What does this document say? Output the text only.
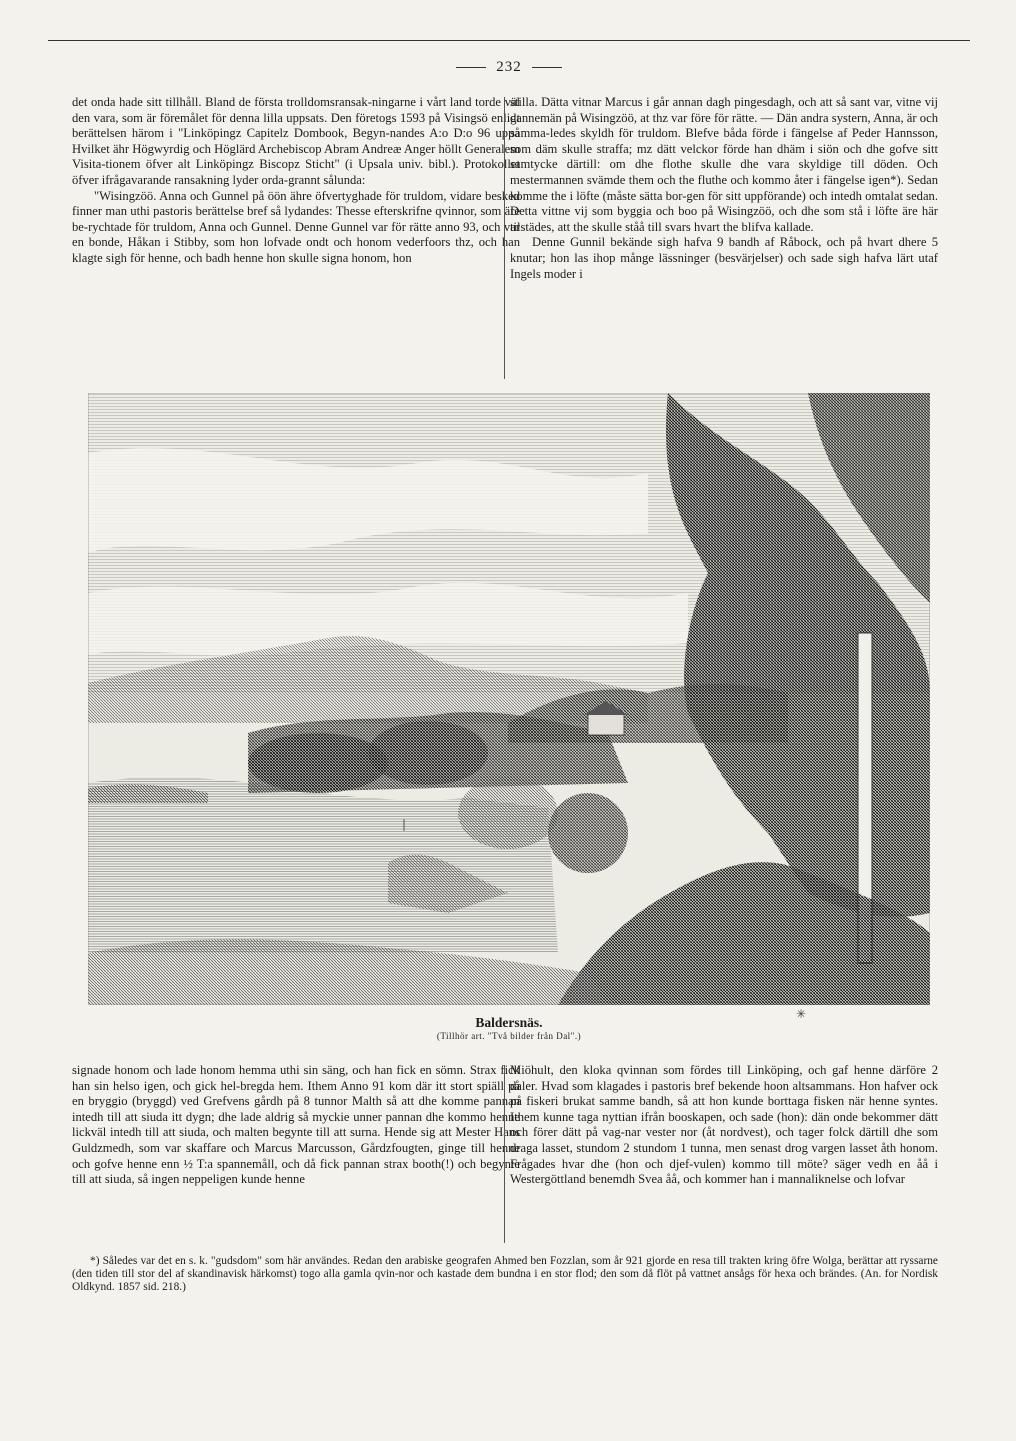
232

det onda hade sitt tillhåll. Bland de första trolldomsransak-ningarne i vårt land torde väl den vara, som är föremålet för denna lilla uppsats. Den företogs 1593 på Visingsö enligt berättelsen härom i "Linköpingz Capitelz Dombook, Begyn-nandes A:o D:o 96 uppå Hvilket ähr Högwyrdig och Höglärd Archebiscop Abram Andreæ Anger höllt Generalem Visita-tionem öfver alt Linköpingz Biscopz Sticht" (i Upsala univ. bibl.). Protokollet öfver ifrågavarande ransakning lyder orda-grannt sålunda:

"Wisingzöö. Anna och Gunnel på öön ähre öfvertyghade för truldom, vidare besked finner man uthi pastoris berättelse bref så lydandes: Thesse efterskrifne qvinnor, som äre be-rychtade för truldom, Anna och Gunnel. Denne Gunnel var för rätte anno 93, och var en bonde, Håkan i Stibby, som hon lofvade ondt och honom vederfoors thz, och han klagte sigh för henne, och badh henne hon skulle signa honom, hon

stilla. Dätta vitnar Marcus i går annan dagh pingesdagh, och att så sant var, vitne vij dannemän på Wisingzöö, at thz var före för rätte. — Dän andra systern, Anna, är och samma-ledes skyldh för truldom. Blefve båda förde i fängelse af Peder Hannsson, som däm skulle straffa; mz dätt velckor förde han dhäm i siön och dhe gofve sitt samtycke därtill: om dhe flothe skulle dhe vara skyldige till döden. Och mestermannen svämde them och the fluthe och kommo åter i fängelse igen*). Sedan komme the i löfte (måste sätta bor-gen för sitt uppförande) och intedh omtalat sedan. Detta vittne vij som byggia och boo på Wisingzöö, och dhe som stå i löfte äre här tilstädes, att the skulle ståå till svars hvart the blifva kallade.

Denne Gunnil bekände sigh hafva 9 bandh af Råbock, och på hvart dhere 5 knutar; hon las ihop månge lässninger (besvärjelser) och sade sigh hafva lärt utaf Ingels moder i

Baldersnäs.
(Tillhör art. "Två bilder från Dal".)
✳

signade honom och lade honom hemma uthi sin säng, och han fick en sömn. Strax fick han sin helso igen, och gick hel-bregda hem. Ithem Anno 91 kom där itt stort spiäll på en bryggio (bryggd) ved Grefvens gårdh på 8 tunnor Malth så att dhe komme pannan intedh till att siuda itt dygn; dhe lade aldrig så myckie unner pannan dhe kommo henne lickväl intedh till att siuda, och malten begynte till att surna. Hende sig att Mester Hans Guldzmedh, som var skaffare och Marcus Marcusson, Gårdzfougten, ginge till henne och gofve henne enn ½ T:a spannemåll, och då fick pannan strax booth(!) och begynte till att siuda, så ingen neppeligen kunde henne

Miöhult, den kloka qvinnan som fördes till Linköping, och gaf henne därföre 2 daler. Hvad som klagades i pastoris bref bekende hoon altsammans. Hon hafver ock på fiskeri brukat samme bandh, så att hon kunde borttaga fisken när henne syntes. Ithem kunne taga nyttian ifrån booskapen, och sade (hon): dän onde bekommer dätt och förer dätt på vag-nar vester nor (åt nordvest), och tager folck därtill dhe som draga lasset, stundom 2 stundom 1 tunna, men senast drog vargen lasset åth honom. Frågades hvar dhe (hon och djef-vulen) kommo till möte? säger vedh en åå i Westergöttland benemdh Svea åå, och kommer han i mannaliknelse och lofvar

*) Således var det en s. k. "gudsdom" som här användes. Redan den arabiske geografen Ahmed ben Fozzlan, som år 921 gjorde en resa till trakten kring öfre Wolga, berättar att ryssarne (den tiden till stor del af skandinavisk härkomst) togo alla gamla qvin-nor och kastade dem bundna i en stor flod; den som då flöt på vattnet ansågs för hexa och brändes. (An. for Nordisk Oldkynd. 1857 sid. 218.)
